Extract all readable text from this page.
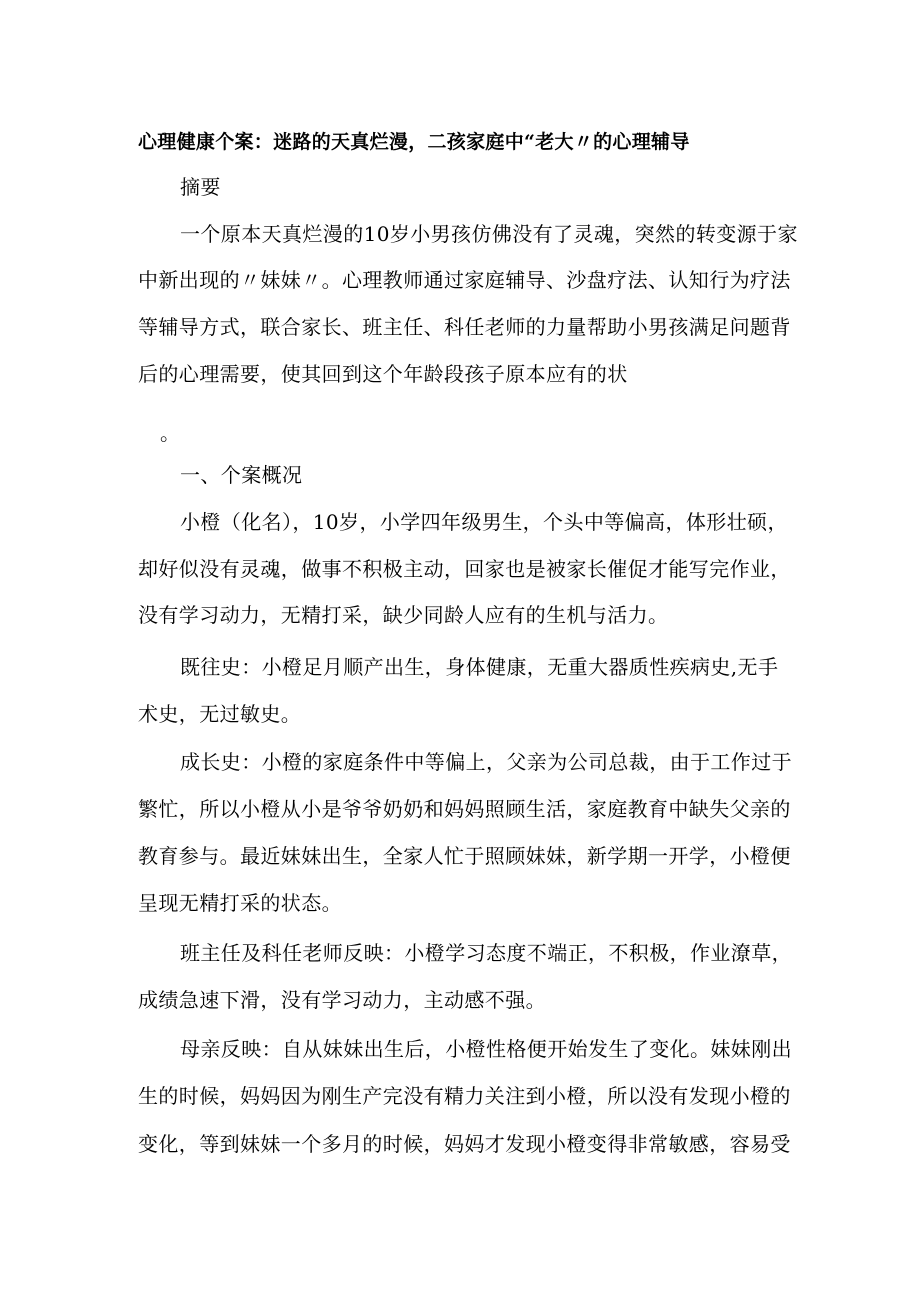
心理健康个案：迷路的天真烂漫，二孩家庭中“老大〃的心理辅导
摘要
一个原本天真烂漫的10岁小男孩仿佛没有了灵魂，突然的转变源于家
中新出现的〃妹妹〃。心理教师通过家庭辅导、沙盘疗法、认知行为疗法
等辅导方式，联合家长、班主任、科任老师的力量帮助小男孩满足问题背
后的心理需要，使其回到这个年龄段孩子原本应有的状
。
一、个案概况
小橙（化名），10岁，小学四年级男生，个头中等偏高，体形壮硕，
却好似没有灵魂，做事不积极主动，回家也是被家长催促才能写完作业，
没有学习动力，无精打采，缺少同龄人应有的生机与活力。
既往史：小橙足月顺产出生，身体健康，无重大器质性疾病史,无手
术史，无过敏史。
成长史：小橙的家庭条件中等偏上，父亲为公司总裁，由于工作过于
繁忙，所以小橙从小是爷爷奶奶和妈妈照顾生活，家庭教育中缺失父亲的
教育参与。最近妹妹出生，全家人忙于照顾妹妹，新学期一开学，小橙便
呈现无精打采的状态。
班主任及科任老师反映：小橙学习态度不端正，不积极，作业潦草，
成绩急速下滑，没有学习动力，主动感不强。
母亲反映：自从妹妹出生后，小橙性格便开始发生了变化。妹妹刚出
生的时候，妈妈因为刚生产完没有精力关注到小橙，所以没有发现小橙的
变化，等到妹妹一个多月的时候，妈妈才发现小橙变得非常敏感，容易受
